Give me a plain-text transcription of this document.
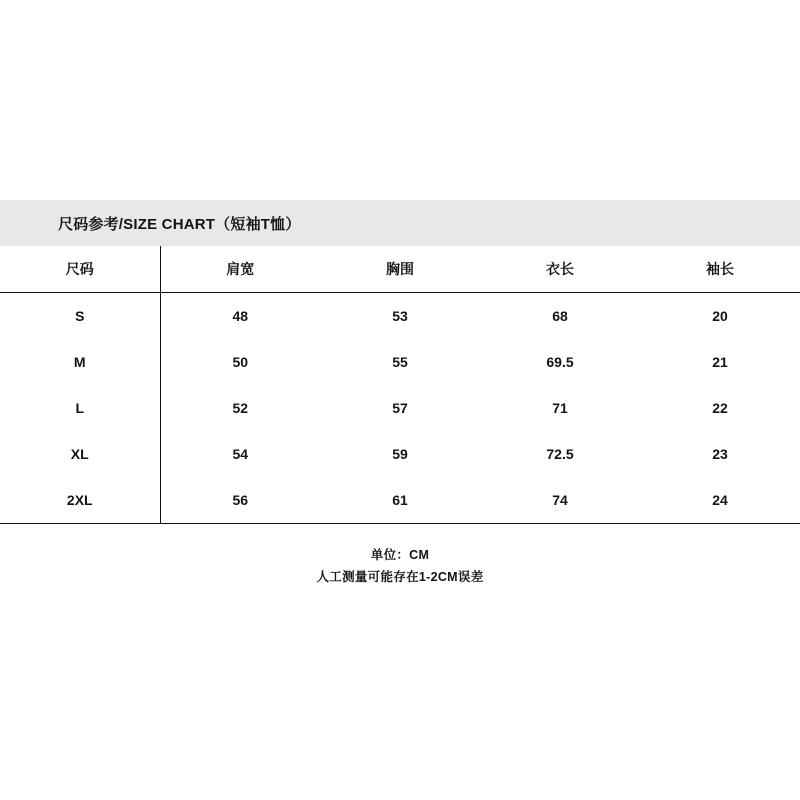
尺码参考/SIZE CHART（短袖T恤）
尺码	肩宽	胸围	衣长	袖长
S	48	53	68	20
M	50	55	69.5	21
L	52	57	71	22
XL	54	59	72.5	23
2XL	56	61	74	24
单位：CM
人工测量可能存在1-2CM误差
